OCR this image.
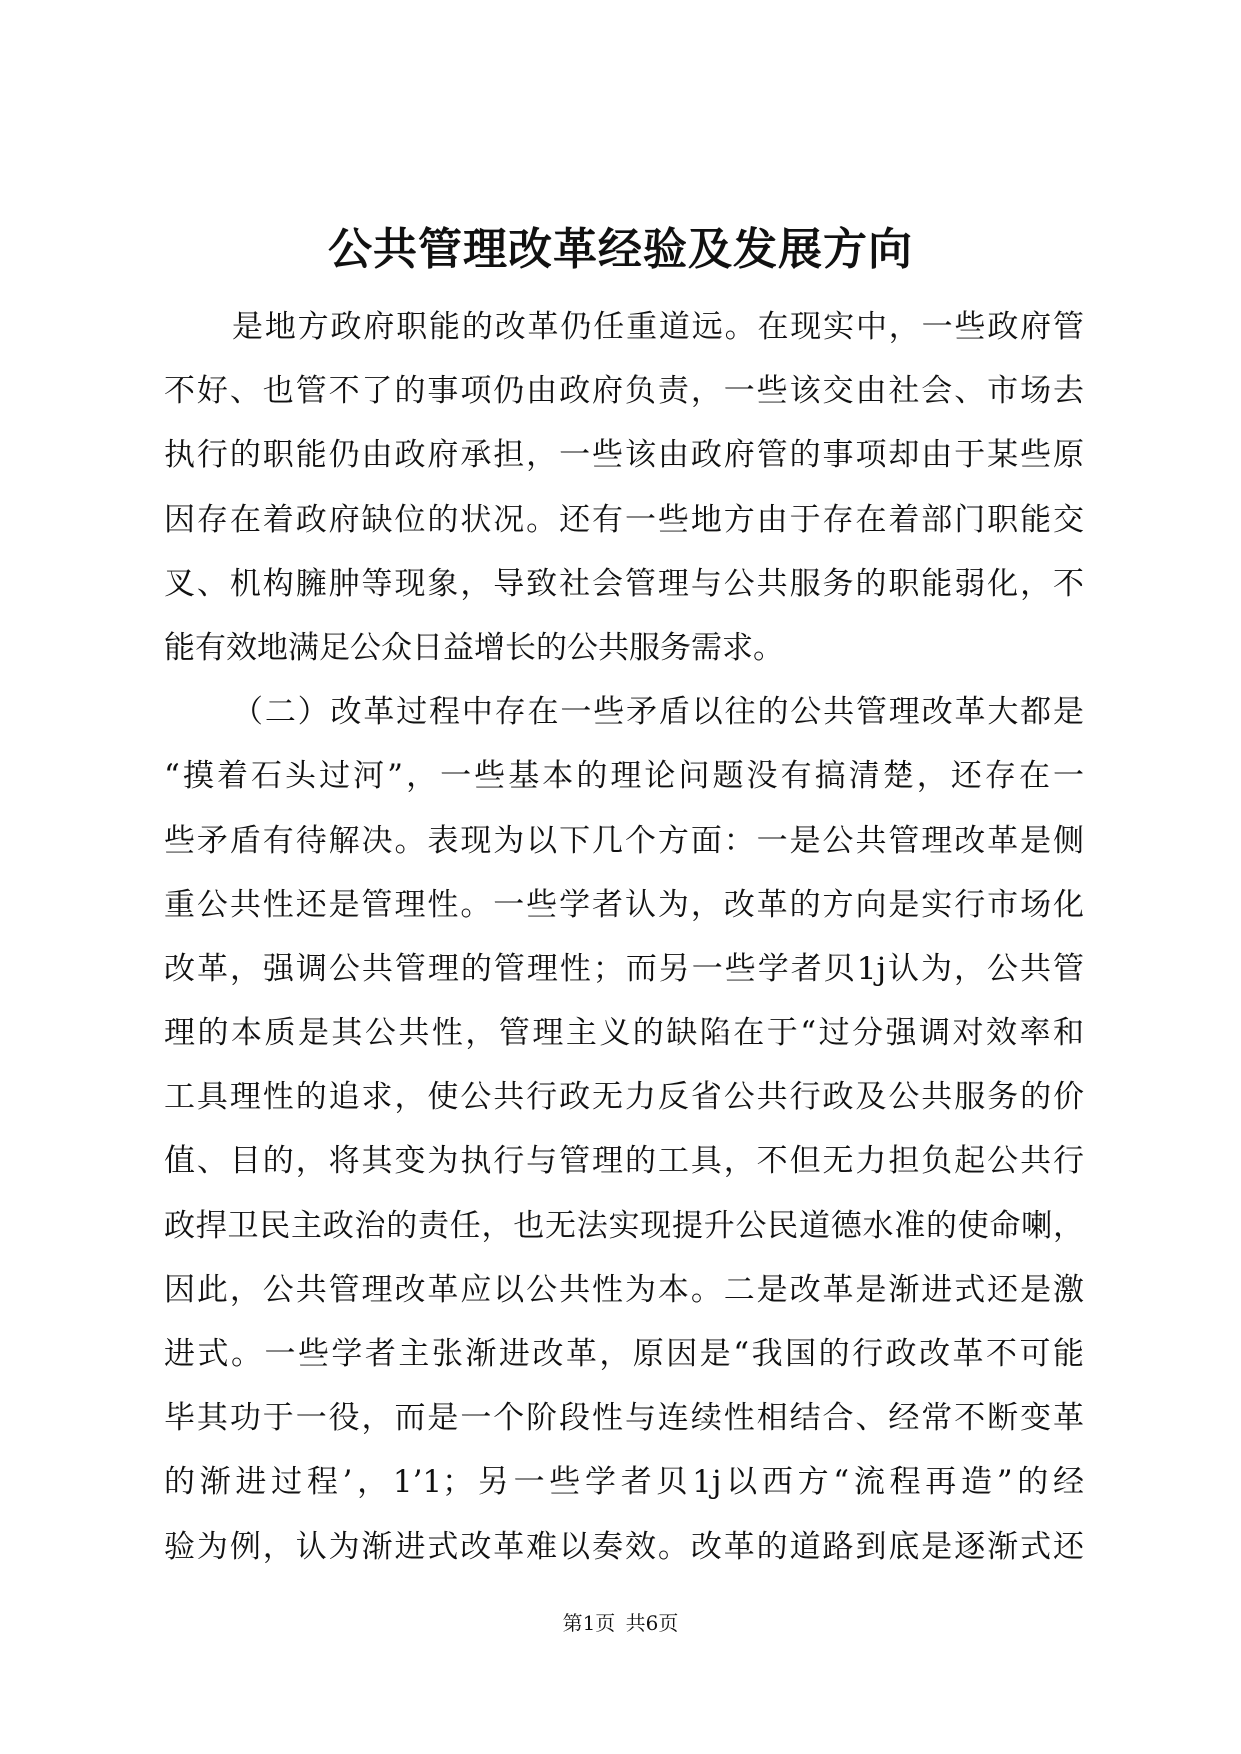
公共管理改革经验及发展方向
是地方政府职能的改革仍任重道远。在现实中，一些政府管
不好、也管不了的事项仍由政府负责，一些该交由社会、市场去
执行的职能仍由政府承担，一些该由政府管的事项却由于某些原
因存在着政府缺位的状况。还有一些地方由于存在着部门职能交
叉、机构臃肿等现象，导致社会管理与公共服务的职能弱化，不
能有效地满足公众日益增长的公共服务需求。
（二）改革过程中存在一些矛盾以往的公共管理改革大都是
“摸着石头过河”，一些基本的理论问题没有搞清楚，还存在一
些矛盾有待解决。表现为以下几个方面：一是公共管理改革是侧
重公共性还是管理性。一些学者认为，改革的方向是实行市场化
改革，强调公共管理的管理性；而另一些学者贝1j认为，公共管
理的本质是其公共性，管理主义的缺陷在于“过分强调对效率和
工具理性的追求，使公共行政无力反省公共行政及公共服务的价
值、目的，将其变为执行与管理的工具，不但无力担负起公共行
政捍卫民主政治的责任，也无法实现提升公民道德水准的使命喇，
因此，公共管理改革应以公共性为本。二是改革是渐进式还是激
进式。一些学者主张渐进改革，原因是“我国的行政改革不可能
毕其功于一役，而是一个阶段性与连续性相结合、经常不断变革
的渐进过程’，1’1；另一些学者贝1j以西方“流程再造”的经
验为例，认为渐进式改革难以奏效。改革的道路到底是逐渐式还
第1页 共6页
